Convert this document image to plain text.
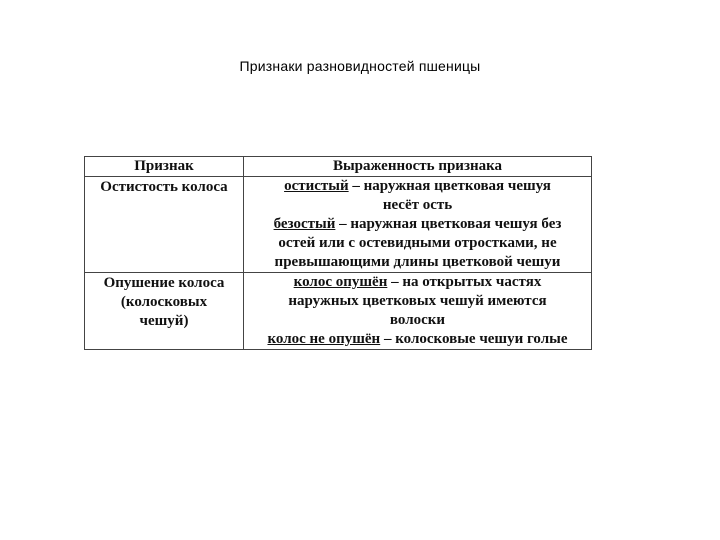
Признаки разновидностей пшеницы
Признак	Выраженность признака

Остистость колоса	остистый – наружная цветковая чешуя
несёт ость
безостый – наружная цветковая чешуя без
остей или с остевидными отростками, не
превышающими длины цветковой чешуи

Опушение колоса
(колосковых
чешуй)	колос опушён – на открытых частях
наружных цветковых чешуй имеются
волоски
колос не опушён – колосковые чешуи голые
